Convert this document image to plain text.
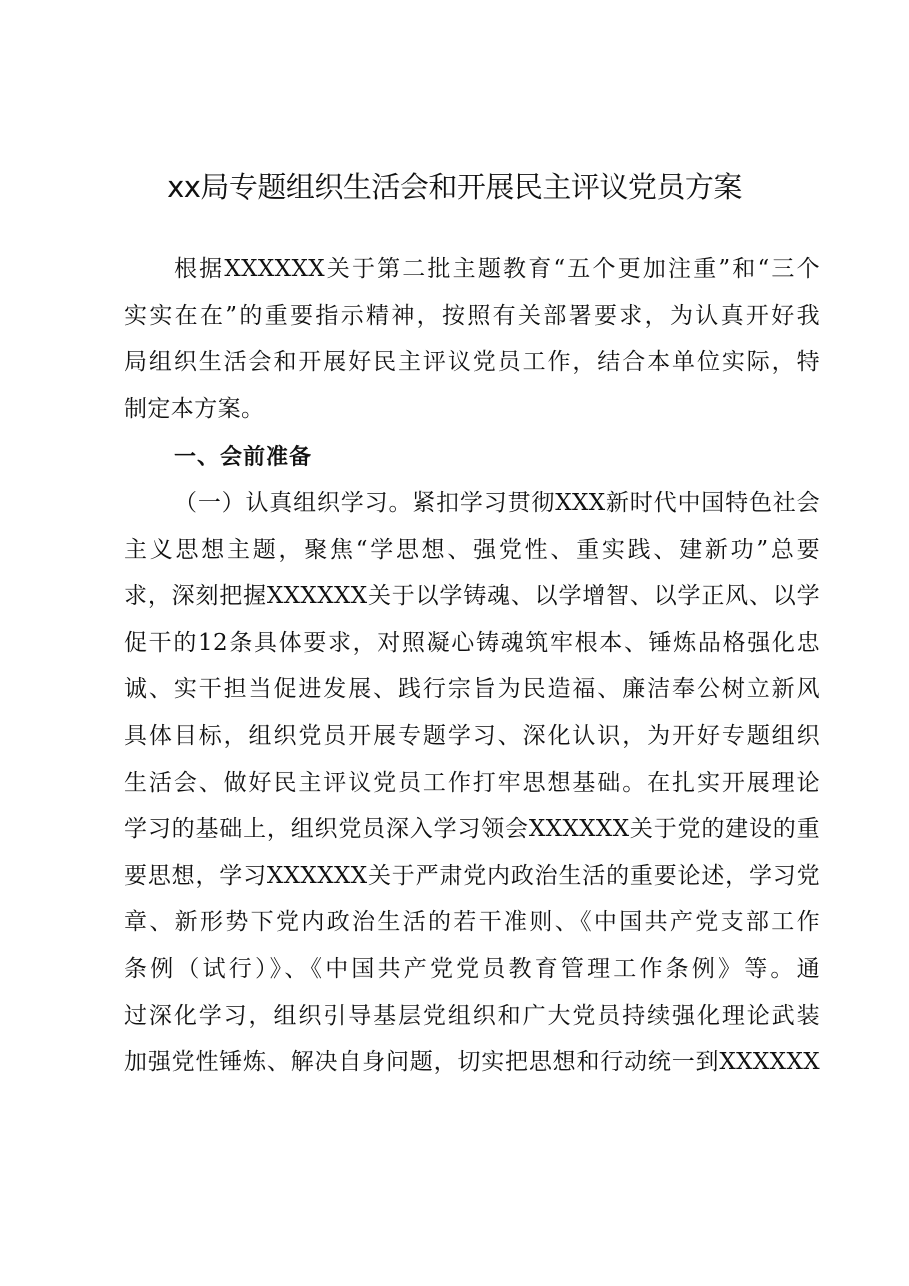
xx局专题组织生活会和开展民主评议党员方案
根据XXXXXX关于第二批主题教育“五个更加注重”和“三个
实实在在”的重要指示精神，按照有关部署要求，为认真开好我
局组织生活会和开展好民主评议党员工作，结合本单位实际，特
制定本方案。
一、会前准备
（一）认真组织学习。紧扣学习贯彻XXX新时代中国特色社会
主义思想主题，聚焦“学思想、强党性、重实践、建新功”总要
求，深刻把握XXXXXX关于以学铸魂、以学增智、以学正风、以学
促干的12条具体要求，对照凝心铸魂筑牢根本、锤炼品格强化忠
诚、实干担当促进发展、践行宗旨为民造福、廉洁奉公树立新风
具体目标，组织党员开展专题学习、深化认识，为开好专题组织
生活会、做好民主评议党员工作打牢思想基础。在扎实开展理论
学习的基础上，组织党员深入学习领会XXXXXX关于党的建设的重
要思想，学习XXXXXX关于严肃党内政治生活的重要论述，学习党
章、新形势下党内政治生活的若干准则、《中国共产党支部工作
条例（试行）》、《中国共产党党员教育管理工作条例》等。通
过深化学习，组织引导基层党组织和广大党员持续强化理论武装
加强党性锤炼、解决自身问题，切实把思想和行动统一到XXXXXX
